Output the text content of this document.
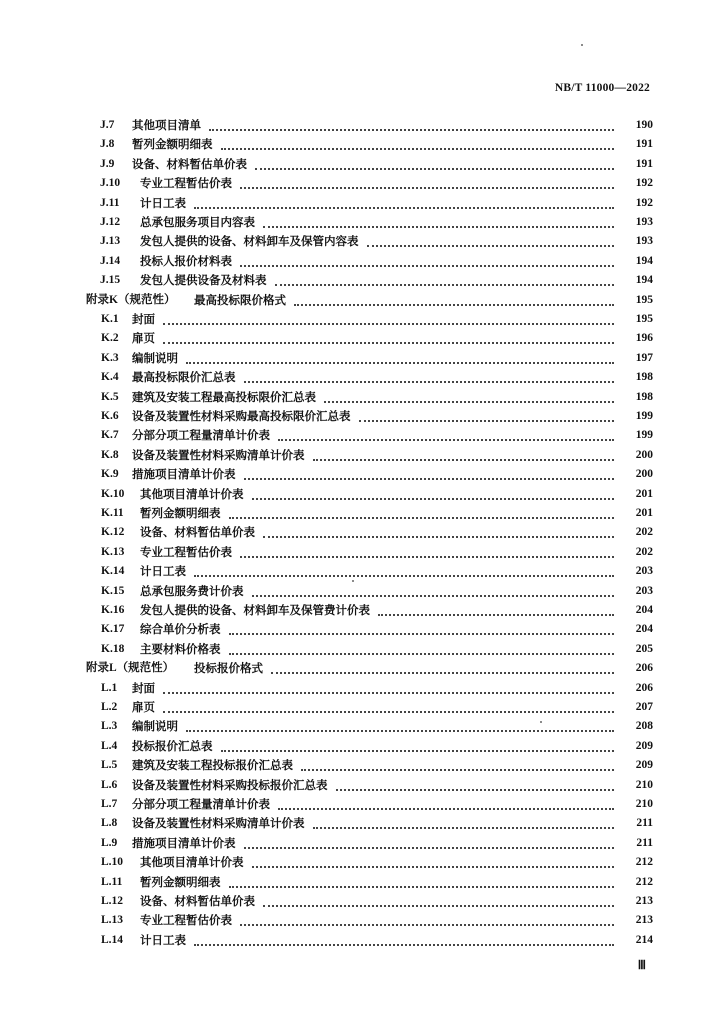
NB/T 11000—2022
J.7 其他项目清单	190
J.8 暂列金额明细表	191
J.9 设备、材料暂估单价表	191
J.10 专业工程暂估价表	192
J.11 计日工表	192
J.12 总承包服务项目内容表	193
J.13 发包人提供的设备、材料卸车及保管内容表	193
J.14 投标人报价材料表	194
J.15 发包人提供设备及材料表	194
附录K（规范性） 最高投标限价格式	195
K.1 封面	195
K.2 扉页	196
K.3 编制说明	197
K.4 最高投标限价汇总表	198
K.5 建筑及安装工程最高投标限价汇总表	198
K.6 设备及装置性材料采购最高投标限价汇总表	199
K.7 分部分项工程量清单计价表	199
K.8 设备及装置性材料采购清单计价表	200
K.9 措施项目清单计价表	200
K.10 其他项目清单计价表	201
K.11 暂列金额明细表	201
K.12 设备、材料暂估单价表	202
K.13 专业工程暂估价表	202
K.14 计日工表	203
K.15 总承包服务费计价表	203
K.16 发包人提供的设备、材料卸车及保管费计价表	204
K.17 综合单价分析表	204
K.18 主要材料价格表	205
附录L（规范性） 投标报价格式	206
L.1 封面	206
L.2 扉页	207
L.3 编制说明	208
L.4 投标报价汇总表	209
L.5 建筑及安装工程投标报价汇总表	209
L.6 设备及装置性材料采购投标报价汇总表	210
L.7 分部分项工程量清单计价表	210
L.8 设备及装置性材料采购清单计价表	211
L.9 措施项目清单计价表	211
L.10 其他项目清单计价表	212
L.11 暂列金额明细表	212
L.12 设备、材料暂估单价表	213
L.13 专业工程暂估价表	213
L.14 计日工表	214
Ⅲ
